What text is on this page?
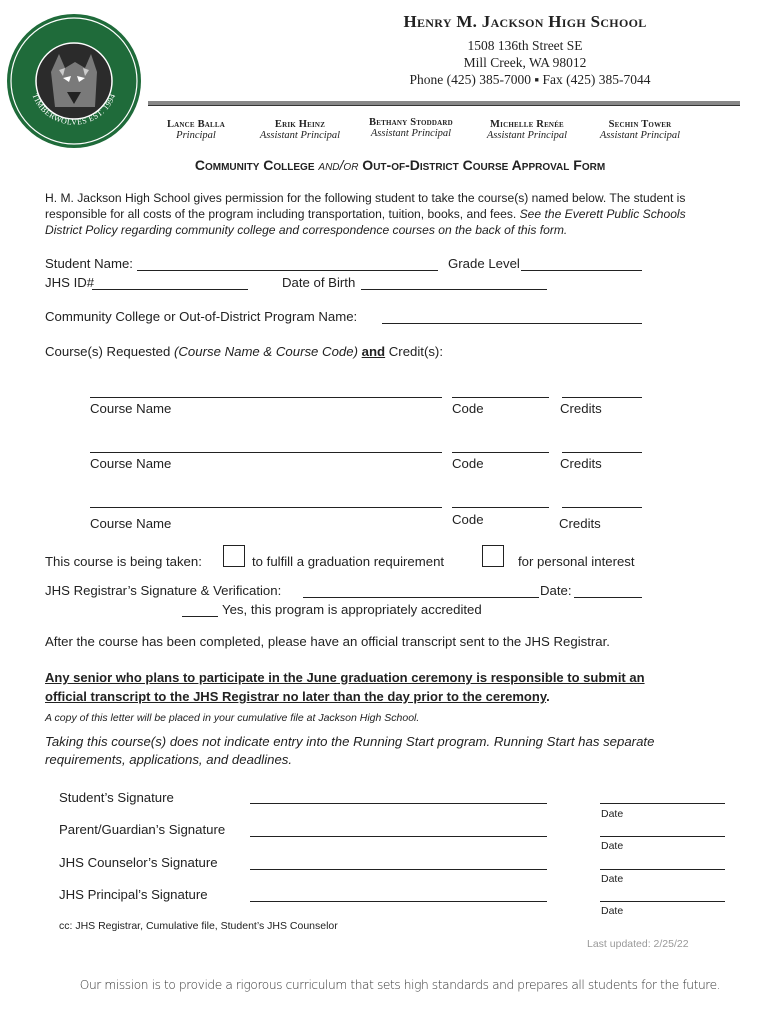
TIMBERWOLVES EST. 1994
Henry M. Jackson High School
1508 136th Street SE
Mill Creek, WA 98012
Phone (425) 385-7000 ▪ Fax (425) 385-7044
Lance Balla
Principal
Erik Heinz
Assistant Principal
Bethany Stoddard
Assistant Principal
Michelle Renée
Assistant Principal
Sechin Tower
Assistant Principal
Community College and/or Out-of-District Course Approval Form
H. M. Jackson High School gives permission for the following student to take the course(s) named below. The student is responsible for all costs of the program including transportation, tuition, books, and fees. See the Everett Public Schools District Policy regarding community college and correspondence courses on the back of this form.
Student Name:	Grade Level
JHS ID#	Date of Birth
Community College or Out-of-District Program Name:
Course(s) Requested (Course Name & Course Code) and Credit(s):
Course Name	Code	Credits
Course Name	Code	Credits
Course Name	Code	Credits
This course is being taken:	to fulfill a graduation requirement	for personal interest
JHS Registrar’s Signature & Verification:	Date:
Yes, this program is appropriately accredited
After the course has been completed, please have an official transcript sent to the JHS Registrar.
Any senior who plans to participate in the June graduation ceremony is responsible to submit an official transcript to the JHS Registrar no later than the day prior to the ceremony.
A copy of this letter will be placed in your cumulative file at Jackson High School.
Taking this course(s) does not indicate entry into the Running Start program. Running Start has separate requirements, applications, and deadlines.
Student’s Signature
Date
Parent/Guardian’s Signature
Date
JHS Counselor’s Signature
Date
JHS Principal’s Signature
Date
cc: JHS Registrar, Cumulative file, Student’s JHS Counselor
Last updated: 2/25/22
Our mission is to provide a rigorous curriculum that sets high standards and prepares all students for the future.
